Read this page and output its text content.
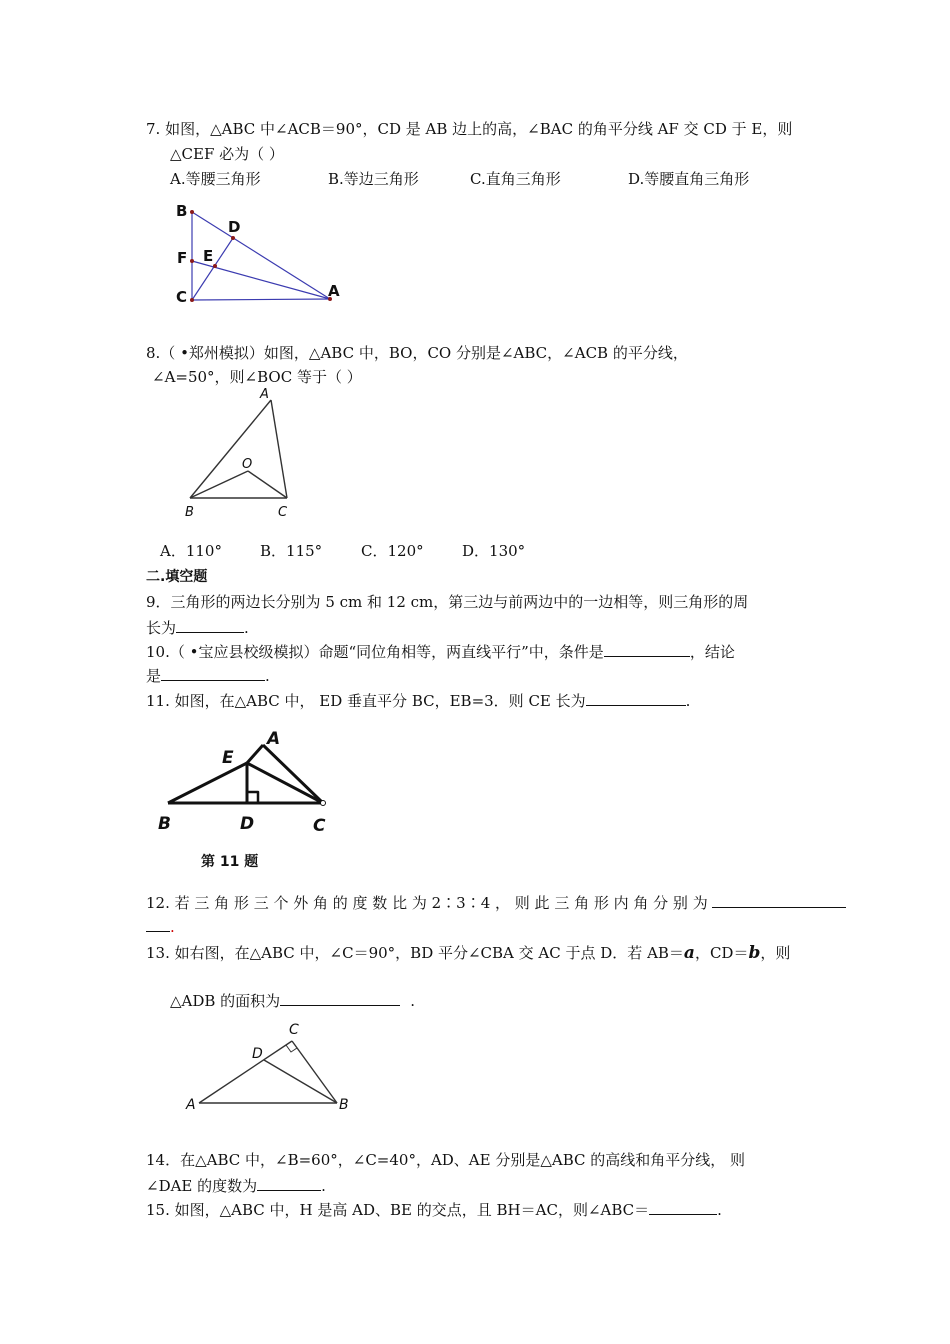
7. 如图，△ABC 中∠ACB＝90°，CD 是 AB 边上的高，∠BAC 的角平分线 AF 交 CD 于 E，则
△CEF 必为（ ）
A.等腰三角形	B.等边三角形	C.直角三角形	D.等腰直角三角形
B
D
F E
C	A
8.（ •郑州模拟）如图，△ABC 中，BO，CO 分别是∠ABC，∠ACB 的平分线，
∠A=50°，则∠BOC 等于（ ）
A
O
B	C
A．110°	B．115°	C．120°	D．130°
二.填空题
9．三角形的两边长分别为 5 cm 和 12 cm，第三边与前两边中的一边相等，则三角形的周
长为	.
10.（ •宝应县校级模拟）命题“同位角相等，两直线平行”中，条件是	，结论
是	.
11. 如图，在△ABC 中， ED 垂直平分 BC，EB=3．则 CE 长为	.
A
E
B	D	C
第 11 题
12. 若 三 角 形 三 个 外 角 的 度 数 比 为 2∶3∶4 ， 则 此 三 角 形 内 角 分 别 为
.
13. 如右图，在△ABC 中，∠C＝90°，BD 平分∠CBA 交 AC 于点 D．若 AB＝a，CD＝b，则
△ADB 的面积为	.
C
D
A	B
14．在△ABC 中，∠B=60°，∠C=40°，AD、AE 分别是△ABC 的高线和角平分线， 则
∠DAE 的度数为	.
15. 如图，△ABC 中，H 是高 AD、BE 的交点，且 BH＝AC，则∠ABC＝	.
